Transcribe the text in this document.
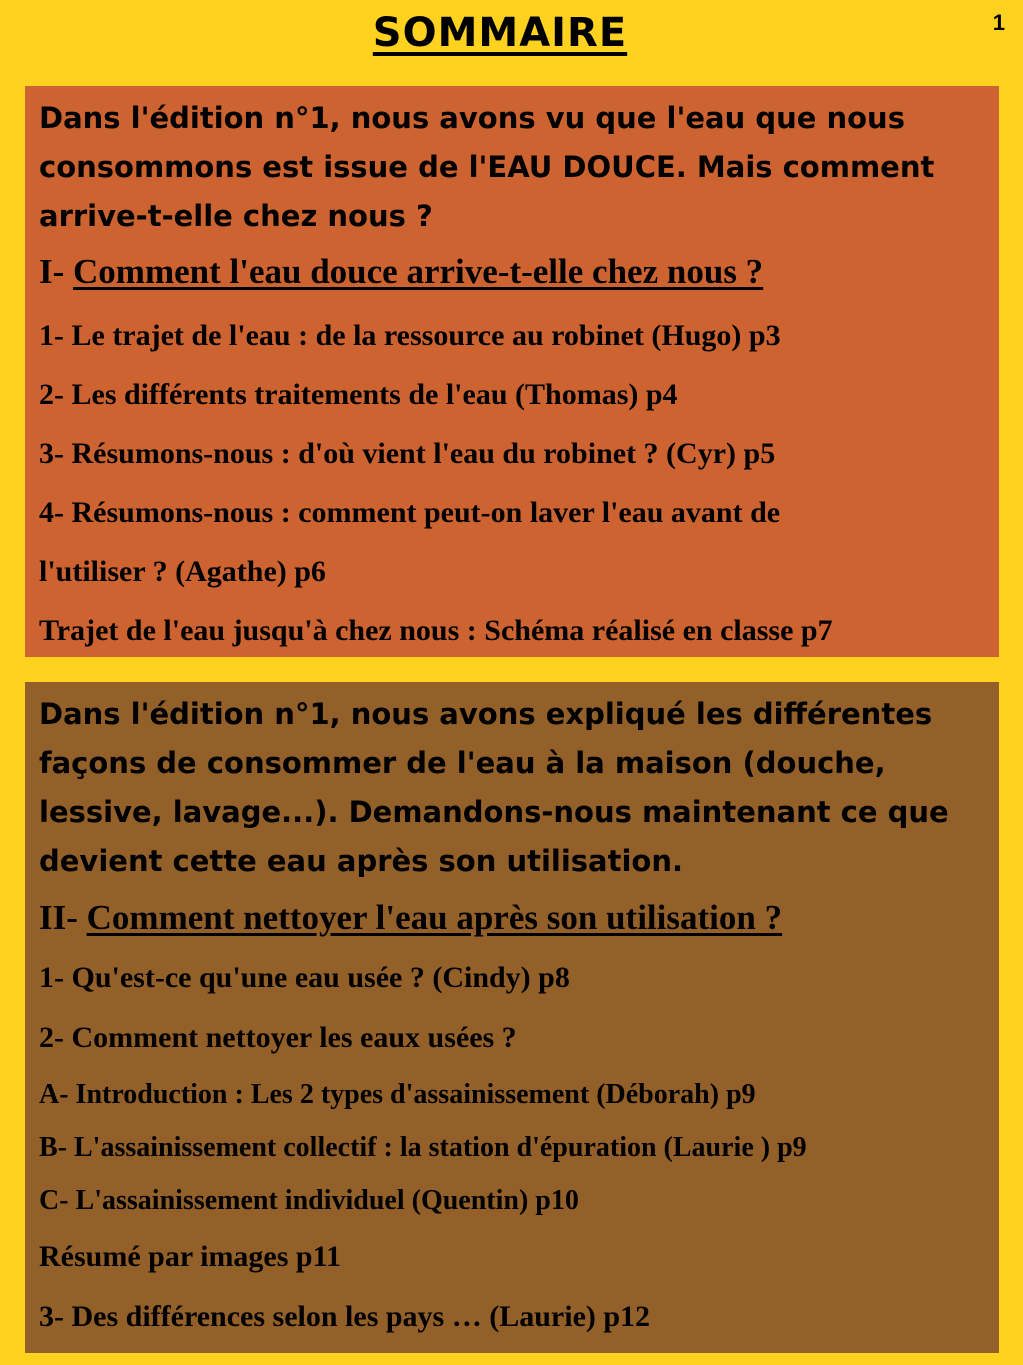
1
SOMMAIRE

Dans l'édition n°1, nous avons vu que l'eau que nous consommons est issue de l'EAU DOUCE. Mais comment arrive-t-elle chez nous ?

I- Comment l'eau douce arrive-t-elle chez nous ?

1- Le trajet de l'eau : de la ressource au robinet (Hugo) p3

2- Les différents traitements de l'eau (Thomas) p4

3- Résumons-nous : d'où vient l'eau du robinet ? (Cyr) p5

4- Résumons-nous : comment peut-on laver l'eau avant de

l'utiliser ? (Agathe) p6

Trajet de l'eau jusqu'à chez nous : Schéma réalisé en classe p7

Dans l'édition n°1, nous avons expliqué les différentes façons de consommer de l'eau à la maison (douche, lessive, lavage...). Demandons-nous maintenant ce que devient cette eau après son utilisation.

II- Comment nettoyer l'eau après son utilisation ?

1- Qu'est-ce qu'une eau usée ? (Cindy) p8

2- Comment nettoyer les eaux usées ?

A- Introduction : Les 2 types d'assainissement (Déborah) p9

B- L'assainissement collectif : la station d'épuration (Laurie ) p9

C- L'assainissement individuel (Quentin) p10

Résumé par images p11

3- Des différences selon les pays … (Laurie) p12
